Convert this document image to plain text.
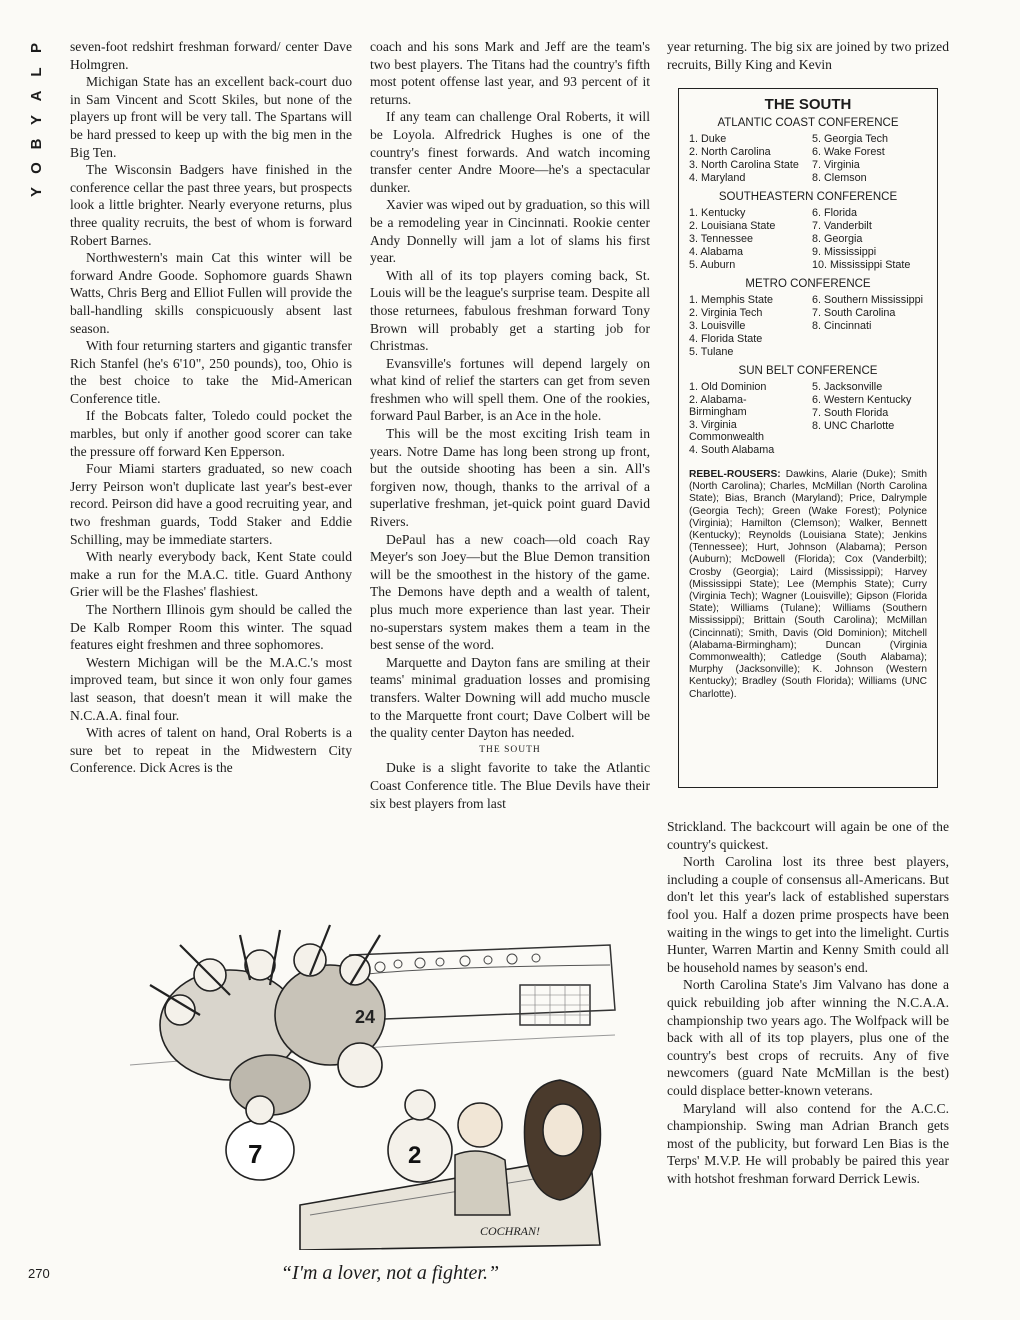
P
L
A
Y
B
O
Y

seven-foot redshirt freshman forward/ center Dave Holmgren.

Michigan State has an excellent back-court duo in Sam Vincent and Scott Skiles, but none of the players up front will be very tall. The Spartans will be hard pressed to keep up with the big men in the Big Ten.

The Wisconsin Badgers have finished in the conference cellar the past three years, but prospects look a little brighter. Nearly everyone returns, plus three quality recruits, the best of whom is forward Robert Barnes.

Northwestern's main Cat this winter will be forward Andre Goode. Sophomore guards Shawn Watts, Chris Berg and Elliot Fullen will provide the ball-handling skills conspicuously absent last season.

With four returning starters and gigantic transfer Rich Stanfel (he's 6'10", 250 pounds), too, Ohio is the best choice to take the Mid-American Conference title.

If the Bobcats falter, Toledo could pocket the marbles, but only if another good scorer can take the pressure off forward Ken Epperson.

Four Miami starters graduated, so new coach Jerry Peirson won't duplicate last year's best-ever record. Peirson did have a good recruiting year, and two freshman guards, Todd Staker and Eddie Schilling, may be immediate starters.

With nearly everybody back, Kent State could make a run for the M.A.C. title. Guard Anthony Grier will be the Flashes' flashiest.

The Northern Illinois gym should be called the De Kalb Romper Room this winter. The squad features eight freshmen and three sophomores.

Western Michigan will be the M.A.C.'s most improved team, but since it won only four games last season, that doesn't mean it will make the N.C.A.A. final four.

With acres of talent on hand, Oral Roberts is a sure bet to repeat in the Midwestern City Conference. Dick Acres is the

coach and his sons Mark and Jeff are the team's two best players. The Titans had the country's fifth most potent offense last year, and 93 percent of it returns.

If any team can challenge Oral Roberts, it will be Loyola. Alfredrick Hughes is one of the country's finest forwards. And watch incoming transfer center Andre Moore—he's a spectacular dunker.

Xavier was wiped out by graduation, so this will be a remodeling year in Cincinnati. Rookie center Andy Donnelly will jam a lot of slams his first year.

With all of its top players coming back, St. Louis will be the league's surprise team. Despite all those returnees, fabulous freshman forward Tony Brown will probably get a starting job for Christmas.

Evansville's fortunes will depend largely on what kind of relief the starters can get from seven freshmen who will spell them. One of the rookies, forward Paul Barber, is an Ace in the hole.

This will be the most exciting Irish team in years. Notre Dame has long been strong up front, but the outside shooting has been a sin. All's forgiven now, though, thanks to the arrival of a superlative freshman, jet-quick point guard David Rivers.

DePaul has a new coach—old coach Ray Meyer's son Joey—but the Blue Demon transition will be the smoothest in the history of the game. The Demons have depth and a wealth of talent, plus much more experience than last year. Their no-superstars system makes them a team in the best sense of the word.

Marquette and Dayton fans are smiling at their teams' minimal graduation losses and promising transfers. Walter Downing will add mucho muscle to the Marquette front court; Dave Colbert will be the quality center Dayton has needed.

THE SOUTH

Duke is a slight favorite to take the Atlantic Coast Conference title. The Blue Devils have their six best players from last

year returning. The big six are joined by two prized recruits, Billy King and Kevin
THE SOUTH
ATLANTIC COAST CONFERENCE
1. Duke
2. North Carolina
3. North Carolina State
4. Maryland
5. Georgia Tech
6. Wake Forest
7. Virginia
8. Clemson
SOUTHEASTERN CONFERENCE
1. Kentucky
2. Louisiana State
3. Tennessee
4. Alabama
5. Auburn
6. Florida
7. Vanderbilt
8. Georgia
9. Mississippi
10. Mississippi State
METRO CONFERENCE
1. Memphis State
2. Virginia Tech
3. Louisville
4. Florida State
5. Tulane
6. Southern Mississippi
7. South Carolina
8. Cincinnati
SUN BELT CONFERENCE
1. Old Dominion
2. Alabama-Birmingham
3. Virginia Commonwealth
4. South Alabama
5. Jacksonville
6. Western Kentucky
7. South Florida
8. UNC Charlotte
REBEL-ROUSERS: Dawkins, Alarie (Duke); Smith (North Carolina); Charles, McMillan (North Carolina State); Bias, Branch (Maryland); Price, Dalrymple (Georgia Tech); Green (Wake Forest); Polynice (Virginia); Hamilton (Clemson); Walker, Bennett (Kentucky); Reynolds (Louisiana State); Jenkins (Tennessee); Hurt, Johnson (Alabama); Person (Auburn); McDowell (Florida); Cox (Vanderbilt); Crosby (Georgia); Laird (Mississippi); Harvey (Mississippi State); Lee (Memphis State); Curry (Virginia Tech); Wagner (Louisville); Gipson (Florida State); Williams (Tulane); Williams (Southern Mississippi); Brittain (South Carolina); McMillan (Cincinnati); Smith, Davis (Old Dominion); Mitchell (Alabama-Birmingham); Duncan (Virginia Commonwealth); Catledge (South Alabama); Murphy (Jacksonville); K. Johnson (Western Kentucky); Bradley (South Florida); Williams (UNC Charlotte).

Strickland. The backcourt will again be one of the country's quickest.

North Carolina lost its three best players, including a couple of consensus all-Americans. But don't let this year's lack of established superstars fool you. Half a dozen prime prospects have been waiting in the wings to get into the limelight. Curtis Hunter, Warren Martin and Kenny Smith could all be household names by season's end.

North Carolina State's Jim Valvano has done a quick rebuilding job after winning the N.C.A.A. championship two years ago. The Wolfpack will be back with all of its top players, plus one of the country's best crops of recruits. Any of five newcomers (guard Nate McMillan is the best) could displace better-known veterans.

Maryland will also contend for the A.C.C. championship. Swing man Adrian Branch gets most of the publicity, but forward Len Bias is the Terps' M.V.P. He will probably be paired this year with hotshot freshman forward Derrick Lewis.

24
7	2
COCHRAN!
“I'm a lover, not a fighter.”
270
